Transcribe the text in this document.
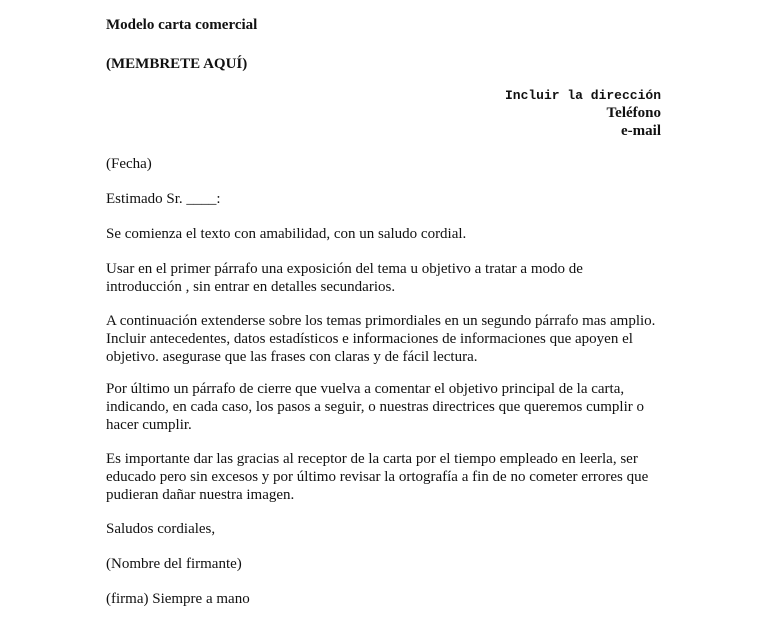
Modelo carta comercial
(MEMBRETE AQUÍ)
Incluir la dirección
Teléfono
e-mail
(Fecha)
Estimado Sr. ____:
Se comienza el texto con amabilidad, con un saludo cordial.
Usar en el primer párrafo una exposición del tema u objetivo a tratar a modo de
introducción , sin entrar en detalles secundarios.
A continuación extenderse sobre los temas primordiales en un segundo párrafo mas amplio.
Incluir antecedentes, datos estadísticos e informaciones de informaciones que apoyen el
objetivo. asegurase que las frases con claras y de fácil lectura.
Por último un párrafo de cierre que vuelva a comentar el objetivo principal de la carta,
indicando, en cada caso, los pasos a seguir, o nuestras directrices que queremos cumplir o
hacer cumplir.
Es importante dar las gracias al receptor de la carta por el tiempo empleado en leerla, ser
educado pero sin excesos y por último revisar la ortografía a fin de no cometer errores que
pudieran dañar nuestra imagen.
Saludos cordiales,
(Nombre del firmante)
(firma) Siempre a mano
